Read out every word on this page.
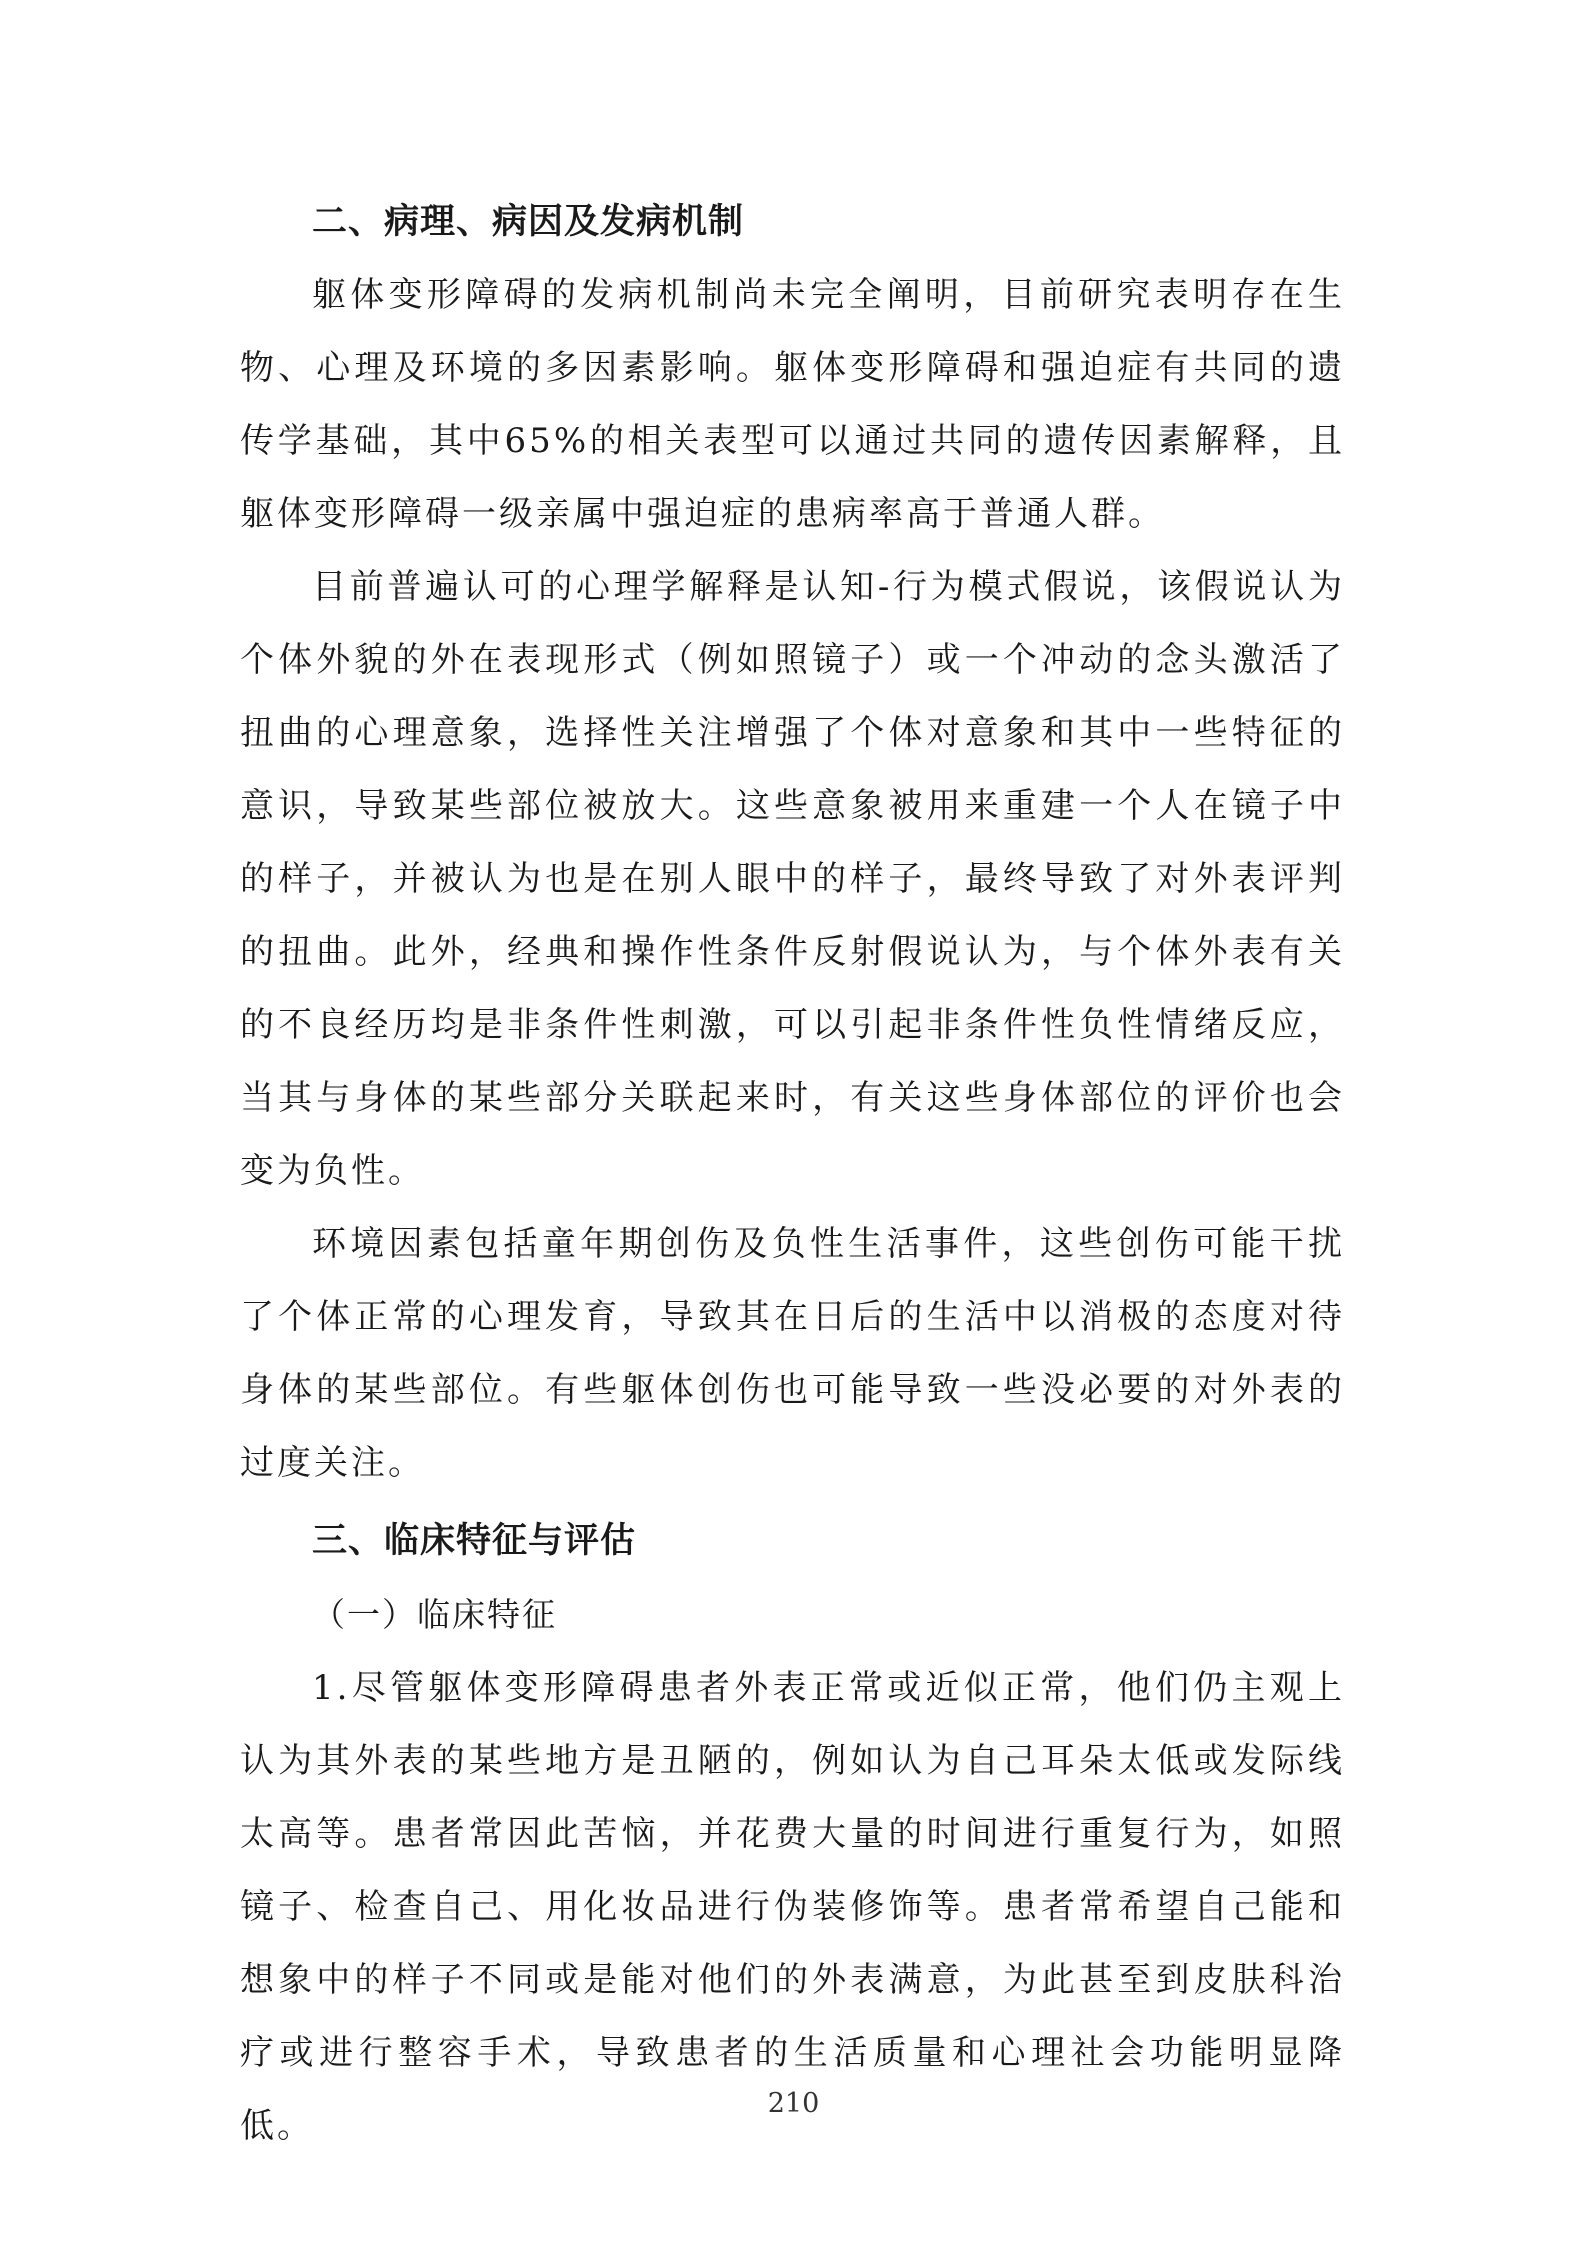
二、病理、病因及发病机制

躯体变形障碍的发病机制尚未完全阐明，目前研究表明存在生物、心理及环境的多因素影响。躯体变形障碍和强迫症有共同的遗传学基础，其中65%的相关表型可以通过共同的遗传因素解释，且躯体变形障碍一级亲属中强迫症的患病率高于普通人群。

目前普遍认可的心理学解释是认知-行为模式假说，该假说认为个体外貌的外在表现形式（例如照镜子）或一个冲动的念头激活了扭曲的心理意象，选择性关注增强了个体对意象和其中一些特征的意识，导致某些部位被放大。这些意象被用来重建一个人在镜子中的样子，并被认为也是在别人眼中的样子，最终导致了对外表评判的扭曲。此外，经典和操作性条件反射假说认为，与个体外表有关的不良经历均是非条件性刺激，可以引起非条件性负性情绪反应，当其与身体的某些部分关联起来时，有关这些身体部位的评价也会变为负性。

环境因素包括童年期创伤及负性生活事件，这些创伤可能干扰了个体正常的心理发育，导致其在日后的生活中以消极的态度对待身体的某些部位。有些躯体创伤也可能导致一些没必要的对外表的过度关注。

三、临床特征与评估
（一）临床特征

1.尽管躯体变形障碍患者外表正常或近似正常，他们仍主观上认为其外表的某些地方是丑陋的，例如认为自己耳朵太低或发际线太高等。患者常因此苦恼，并花费大量的时间进行重复行为，如照镜子、检查自己、用化妆品进行伪装修饰等。患者常希望自己能和想象中的样子不同或是能对他们的外表满意，为此甚至到皮肤科治疗或进行整容手术，导致患者的生活质量和心理社会功能明显降低。

210
